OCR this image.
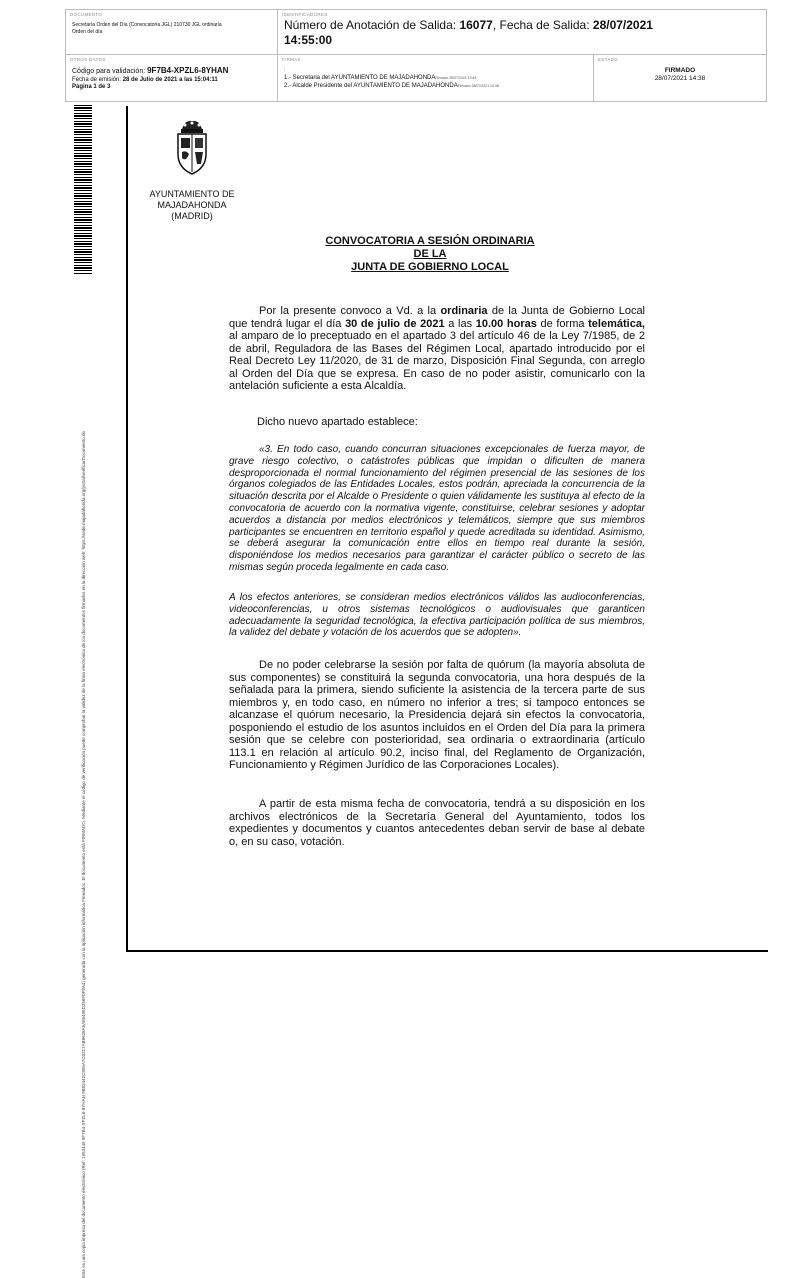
DOCUMENTO
Secretaría Orden del Día (Convocatoria JGL) 210730 JGL ordinaria Orden del día
IDENTIFICADORES
Número de Anotación de Salida: 16077, Fecha de Salida: 28/07/2021
14:55:00
OTROS DATOS
Código para validación: 9F7B4-XPZL6-8YHAN
Fecha de emisión: 28 de Julio de 2021 a las 15:04:11
Página 1 de 3
FIRMAS
:
1.- Secretaria del AYUNTAMIENTO DE MAJADAHONDAFirmado 28/07/2021 13:48
2.- Alcalde Presidente del AYUNTAMIENTO DE MAJADAHONDAFirmado 28/07/2021 14:38
ESTADO
FIRMADO
28/07/2021 14:38
Este es una copia impresa del documento electrónico (Ref: 1953445 9F7B4-XPZL6-8YHAN 9B82442C855A7C0317AB8628A5A85496D256F0F9A4) generada con la aplicación informática Firmadoc. El documento está FIRMADO. Mediante el código de verificación puede comprobar la validez de la firma electrónica de los documentos firmados en la dirección web: https://sede.majadahonda.org/portal/verificarDocumento.do
AYUNTAMIENTO DE
MAJADAHONDA
(MADRID)
CONVOCATORIA A SESIÓN ORDINARIA
DE LA
JUNTA DE GOBIERNO LOCAL
Por la presente convoco a Vd. a la ordinaria de la Junta de Gobierno Local que tendrá lugar el día 30 de julio de 2021 a las 10.00 horas de forma telemática, al amparo de lo preceptuado en el apartado 3 del artículo 46 de la Ley 7/1985, de 2 de abril, Reguladora de las Bases del Régimen Local, apartado introducido por el Real Decreto Ley 11/2020, de 31 de marzo, Disposición Final Segunda, con arreglo al Orden del Día que se expresa. En caso de no poder asistir, comunicarlo con la antelación suficiente a esta Alcaldía.
Dicho nuevo apartado establece:
«3. En todo caso, cuando concurran situaciones excepcionales de fuerza mayor, de grave riesgo colectivo, o catástrofes públicas que impidan o dificulten de manera desproporcionada el normal funcionamiento del régimen presencial de las sesiones de los órganos colegiados de las Entidades Locales, estos podrán, apreciada la concurrencia de la situación descrita por el Alcalde o Presidente o quien válidamente les sustituya al efecto de la convocatoria de acuerdo con la normativa vigente, constituirse, celebrar sesiones y adoptar acuerdos a distancia por medios electrónicos y telemáticos, siempre que sus miembros participantes se encuentren en territorio español y quede acreditada su identidad. Asimismo, se deberá asegurar la comunicación entre ellos en tiempo real durante la sesión, disponiéndose los medios necesarios para garantizar el carácter público o secreto de las mismas según proceda legalmente en cada caso.
A los efectos anteriores, se consideran medios electrónicos válidos las audioconferencias, videoconferencias, u otros sistemas tecnológicos o audiovisuales que garanticen adecuadamente la seguridad tecnológica, la efectiva participación política de sus miembros, la validez del debate y votación de los acuerdos que se adopten».
De no poder celebrarse la sesión por falta de quórum (la mayoría absoluta de sus componentes) se constituirá la segunda convocatoria, una hora después de la señalada para la primera, siendo suficiente la asistencia de la tercera parte de sus miembros y, en todo caso, en número no inferior a tres; si tampoco entonces se alcanzase el quórum necesario, la Presidencia dejará sin efectos la convocatoria, posponiendo el estudio de los asuntos incluidos en el Orden del Día para la primera sesión que se celebre con posterioridad, sea ordinaria o extraordinaria (artículo 113.1 en relación al artículo 90.2, inciso final, del Reglamento de Organización, Funcionamiento y Régimen Jurídico de las Corporaciones Locales).
A partir de esta misma fecha de convocatoria, tendrá a su disposición en los archivos electrónicos de la Secretaría General del Ayuntamiento, todos los expedientes y documentos y cuantos antecedentes deban servir de base al debate o, en su caso, votación.
